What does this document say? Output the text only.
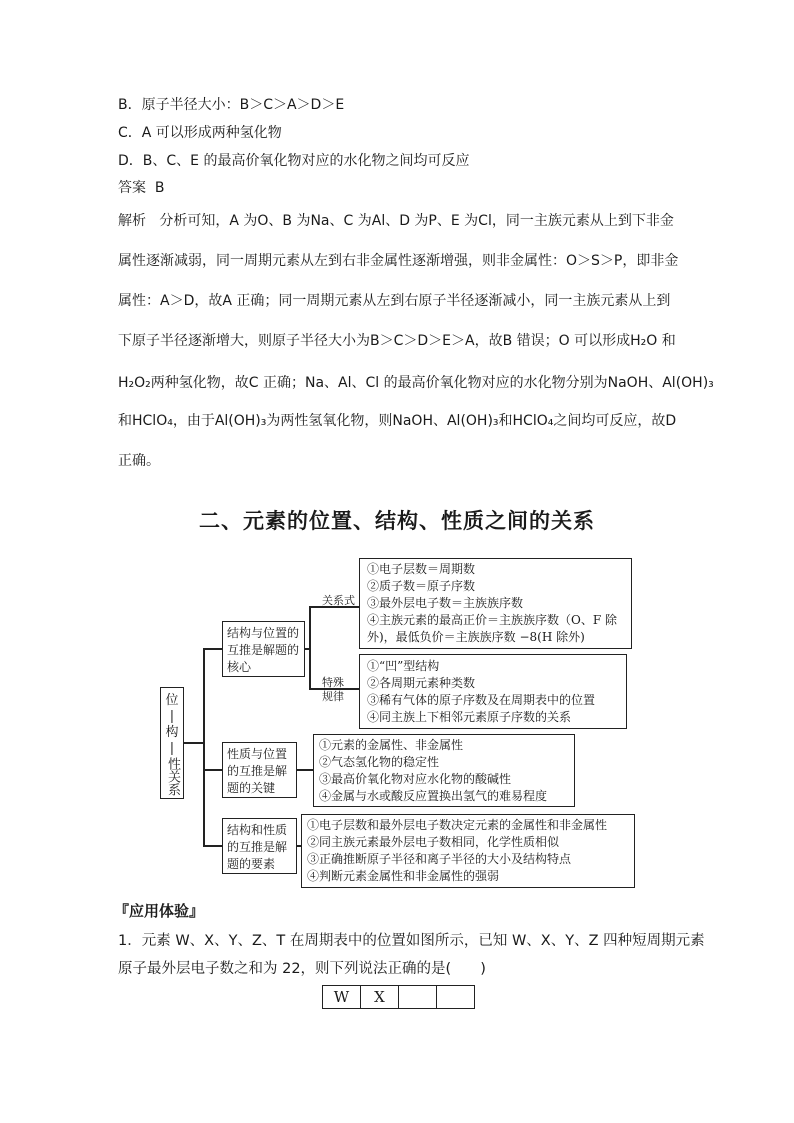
B．原子半径大小：B＞C＞A＞D＞E
C．A 可以形成两种氢化物
D．B、C、E 的最高价氧化物对应的水化物之间均可反应
答案 B
解析 分析可知，A 为O、B 为Na、C 为Al、D 为P、E 为Cl，同一主族元素从上到下非金
属性逐渐减弱，同一周期元素从左到右非金属性逐渐增强，则非金属性：O＞S＞P，即非金
属性：A＞D，故A 正确；同一周期元素从左到右原子半径逐渐减小，同一主族元素从上到
下原子半径逐渐增大，则原子半径大小为B＞C＞D＞E＞A，故B 错误；O 可以形成H₂O 和
H₂O₂两种氢化物，故C 正确；Na、Al、Cl 的最高价氧化物对应的水化物分别为NaOH、Al(OH)₃
和HClO₄，由于Al(OH)₃为两性氢氧化物，则NaOH、Al(OH)₃和HClO₄之间均可反应，故D
正确。
二、元素的位置、结构、性质之间的关系
位
|
构
|
性关系
结构与位置的互推是解题的核心
关系式
特殊
规律
①电子层数＝周期数
②质子数＝原子序数
③最外层电子数＝主族族序数
④主族元素的最高正价＝主族族序数（O、F 除
外)，最低负价＝主族族序数 −8(H 除外)
①“凹”型结构
②各周期元素种类数
③稀有气体的原子序数及在周期表中的位置
④同主族上下相邻元素原子序数的关系
性质与位置的互推是解题的关键
①元素的金属性、非金属性
②气态氢化物的稳定性
③最高价氧化物对应水化物的酸碱性
④金属与水或酸反应置换出氢气的难易程度
结构和性质的互推是解题的要素
①电子层数和最外层电子数决定元素的金属性和非金属性
②同主族元素最外层电子数相同，化学性质相似
③正确推断原子半径和离子半径的大小及结构特点
④判断元素金属性和非金属性的强弱
『应用体验』
1．元素 W、X、Y、Z、T 在周期表中的位置如图所示，已知 W、X、Y、Z 四种短周期元素
原子最外层电子数之和为 22，则下列说法正确的是(　　)
W	X		
